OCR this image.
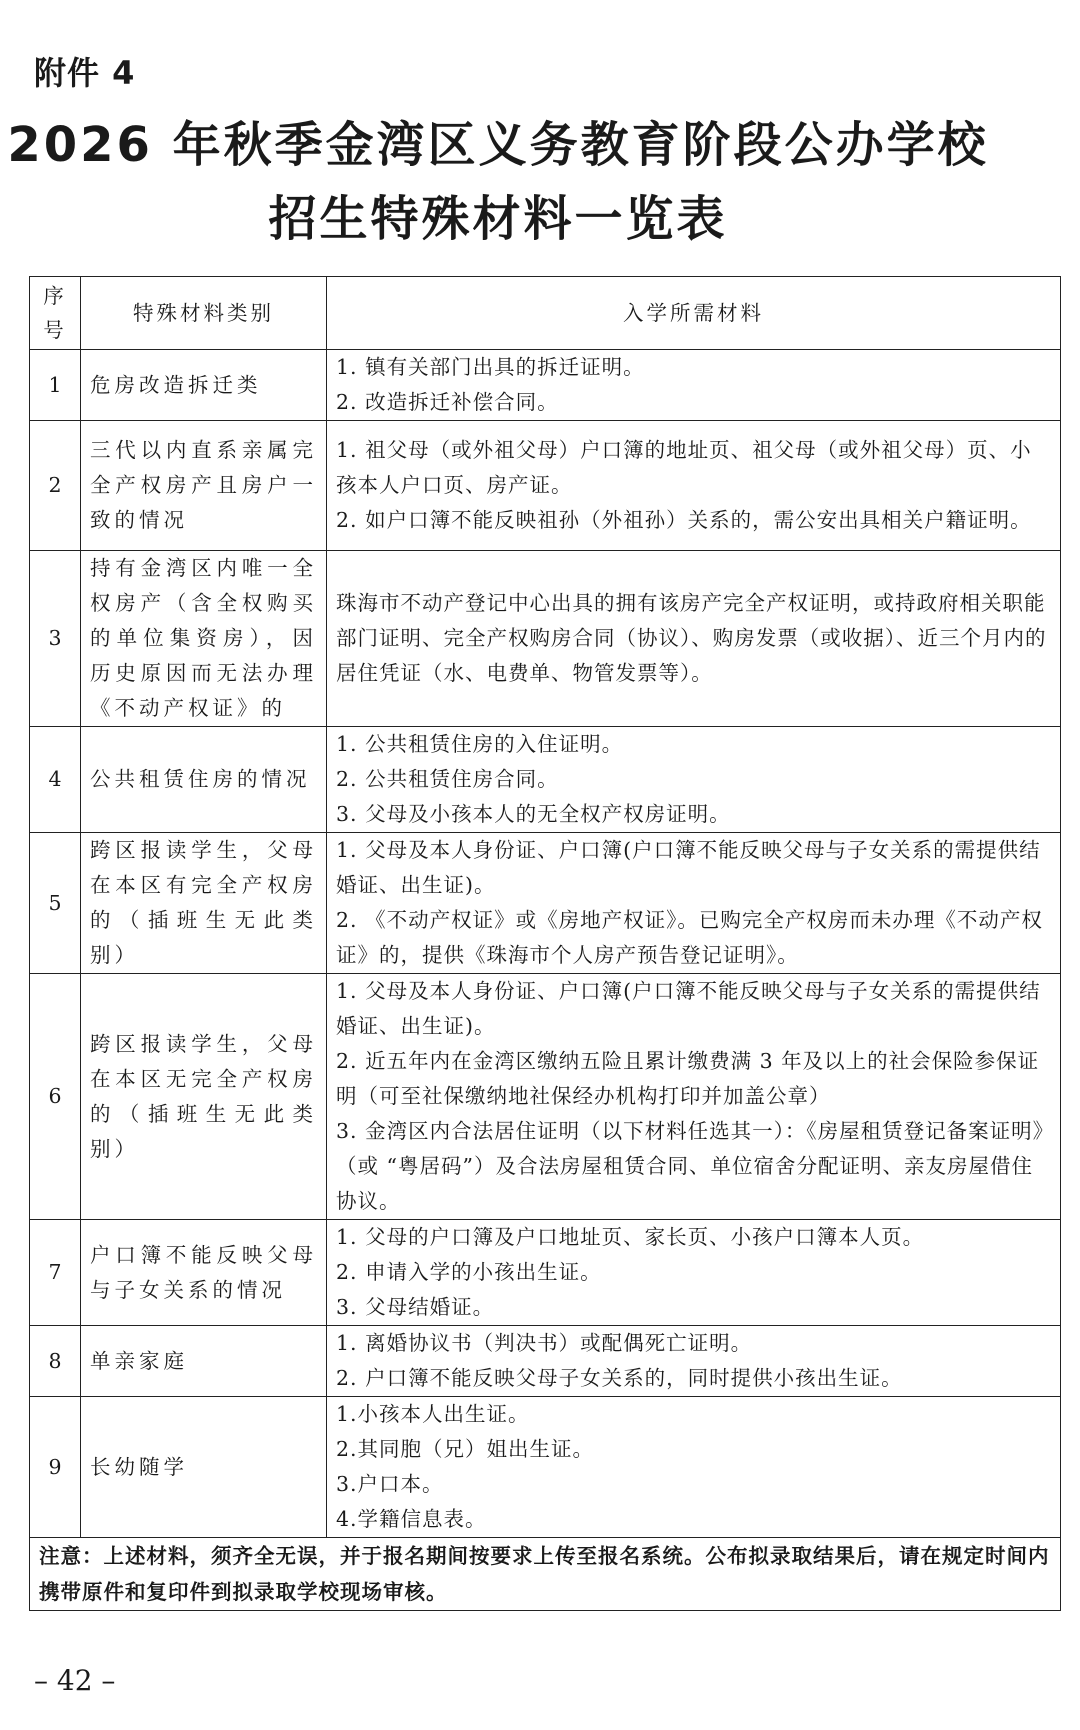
附件 4
2026 年秋季金湾区义务教育阶段公办学校
招生特殊材料一览表
序
号	特殊材料类别	入学所需材料
1	危房改造拆迁类	1. 镇有关部门出具的拆迁证明。
2. 改造拆迁补偿合同。

2	三代以内直系亲属完全产权房产且房户一致的情况	1. 祖父母（或外祖父母）户口簿的地址页、祖父母（或外祖父母）页、小孩本人户口页、房产证。
2. 如户口簿不能反映祖孙（外祖孙）关系的，需公安出具相关户籍证明。

3	持有金湾区内唯一全权房产（含全权购买的单位集资房），因历史原因而无法办理《不动产权证》的	珠海市不动产登记中心出具的拥有该房产完全产权证明，或持政府相关职能部门证明、完全产权购房合同（协议）、购房发票（或收据）、近三个月内的居住凭证（水、电费单、物管发票等）。

4	公共租赁住房的情况	1. 公共租赁住房的入住证明。
2. 公共租赁住房合同。
3. 父母及小孩本人的无全权产权房证明。

5	跨区报读学生，父母在本区有完全产权房的（插班生无此类别）	1. 父母及本人身份证、户口簿(户口簿不能反映父母与子女关系的需提供结婚证、出生证)。
2. 《不动产权证》或《房地产权证》。已购完全产权房而未办理《不动产权证》的，提供《珠海市个人房产预告登记证明》。

6	跨区报读学生，父母在本区无完全产权房的（插班生无此类别）	1. 父母及本人身份证、户口簿(户口簿不能反映父母与子女关系的需提供结婚证、出生证)。
2. 近五年内在金湾区缴纳五险且累计缴费满 3 年及以上的社会保险参保证明（可至社保缴纳地社保经办机构打印并加盖公章）
3. 金湾区内合法居住证明（以下材料任选其一）：《房屋租赁登记备案证明》（或 “粤居码”）及合法房屋租赁合同、单位宿舍分配证明、亲友房屋借住协议。

7	户口簿不能反映父母与子女关系的情况	1. 父母的户口簿及户口地址页、家长页、小孩户口簿本人页。
2. 申请入学的小孩出生证。
3. 父母结婚证。

8	单亲家庭	1. 离婚协议书（判决书）或配偶死亡证明。
2. 户口簿不能反映父母子女关系的，同时提供小孩出生证。

9	长幼随学	1.小孩本人出生证。
2.其同胞（兄）姐出生证。
3.户口本。
4.学籍信息表。

注意：上述材料，须齐全无误，并于报名期间按要求上传至报名系统。公布拟录取结果后，请在规定时间内携带原件和复印件到拟录取学校现场审核。		
– 42 –
